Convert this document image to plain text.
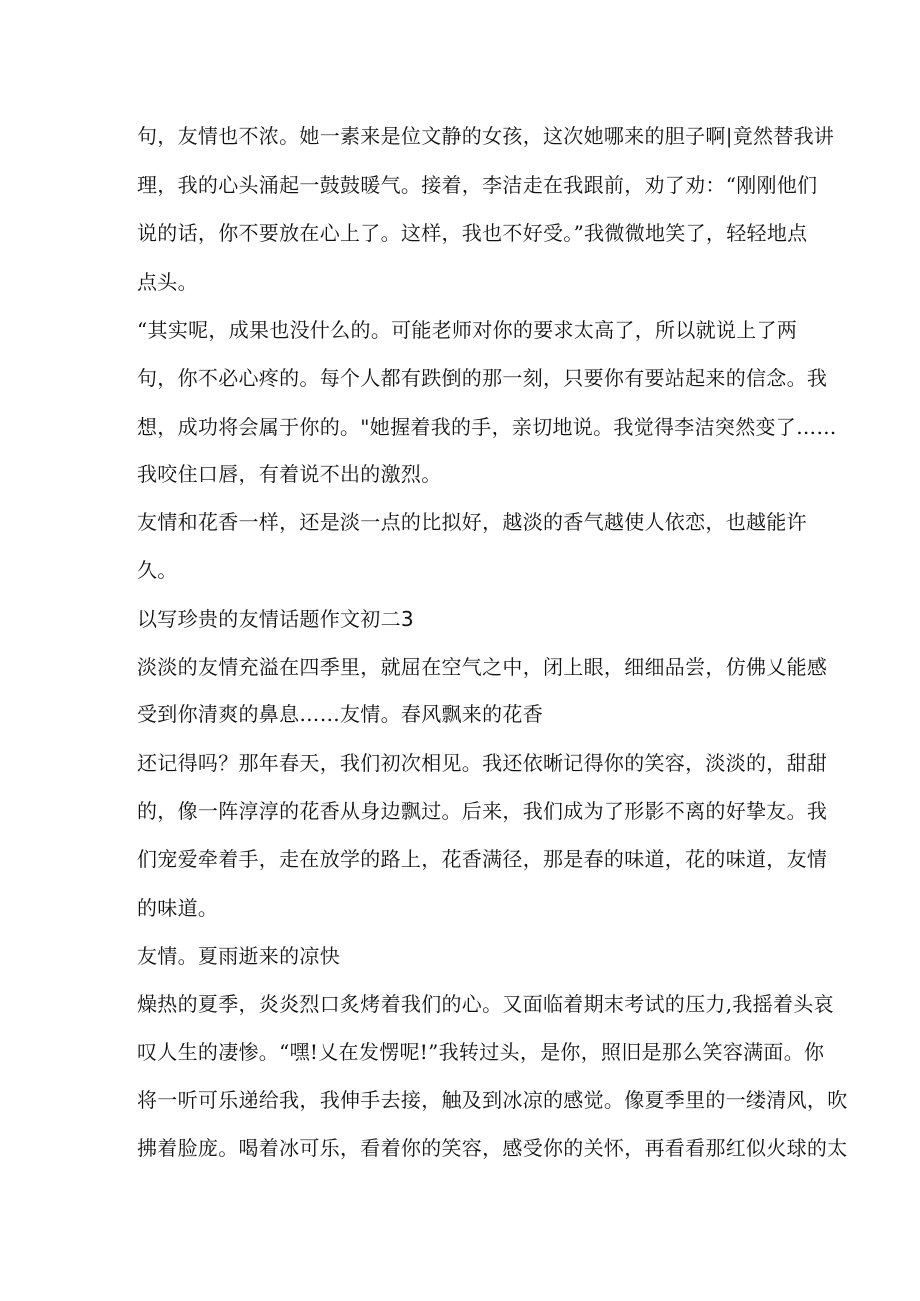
句，友情也不浓。她一素来是位文静的女孩，这次她哪来的胆子啊|竟然替我讲
理，我的心头涌起一鼓鼓暖气。接着，李洁走在我跟前，劝了劝：“刚刚他们
说的话，你不要放在心上了。这样，我也不好受。”我微微地笑了，轻轻地点
点头。
“其实呢，成果也没什么的。可能老师对你的要求太高了，所以就说上了两
句，你不必心疼的。每个人都有跌倒的那一刻，只要你有要站起来的信念。我
想，成功将会属于你的。"她握着我的手，亲切地说。我觉得李洁突然变了……
我咬住口唇，有着说不出的激烈。
友情和花香一样，还是淡一点的比拟好，越淡的香气越使人依恋，也越能许
久。
以写珍贵的友情话题作文初二3
淡淡的友情充溢在四季里，就屈在空气之中，闭上眼，细细品尝，仿佛乂能感
受到你清爽的鼻息……友情。春风飘来的花香
还记得吗？那年春天，我们初次相见。我还依晰记得你的笑容，淡淡的，甜甜
的，像一阵淳淳的花香从身边飘过。后来，我们成为了形影不离的好挚友。我
们宠爱牵着手，走在放学的路上，花香满径，那是春的味道，花的味道，友情
的味道。
友情。夏雨逝来的凉快
燥热的夏季，炎炎烈口炙烤着我们的心。又面临着期末考试的压力,我摇着头哀
叹人生的凄惨。“嘿!乂在发愣呢!”我转过头，是你，照旧是那么笑容满面。你
将一听可乐递给我，我伸手去接，触及到冰凉的感觉。像夏季里的一缕清风，吹
拂着脸庞。喝着冰可乐，看着你的笑容，感受你的关怀，再看看那红似火球的太
